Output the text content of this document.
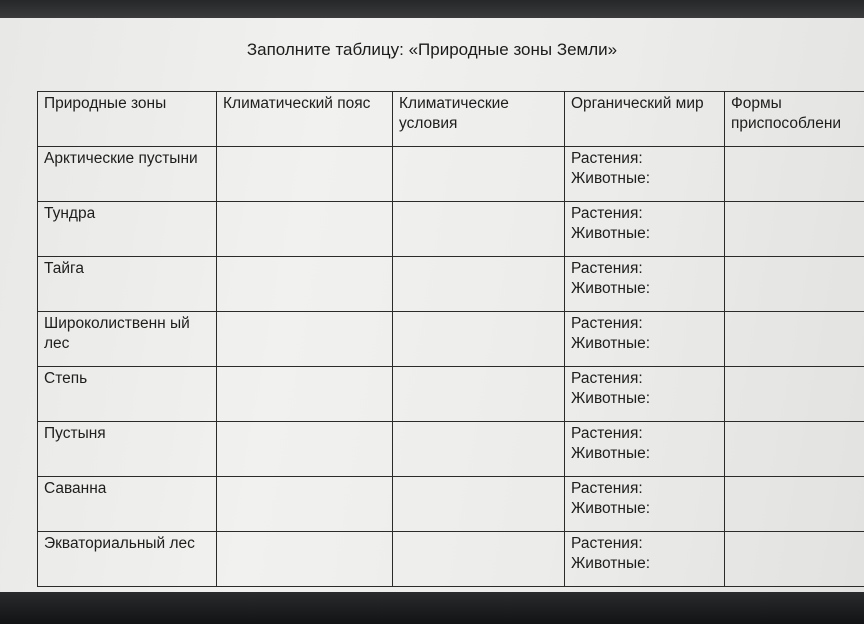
Заполните таблицу: «Природные зоны Земли»
Природные зоны	Климатический пояс	Климатические условия	Органический мир	Формы приспособлени
Арктические пустыни			Растения:
Животные:	

Тундра			Растения:
Животные:	

Тайга			Растения:
Животные:	

Широколиственн ый лес			Растения:
Животные:	

Степь			Растения:
Животные:	

Пустыня			Растения:
Животные:	

Саванна			Растения:
Животные:	

Экваториальный лес			Растения:
Животные:	
